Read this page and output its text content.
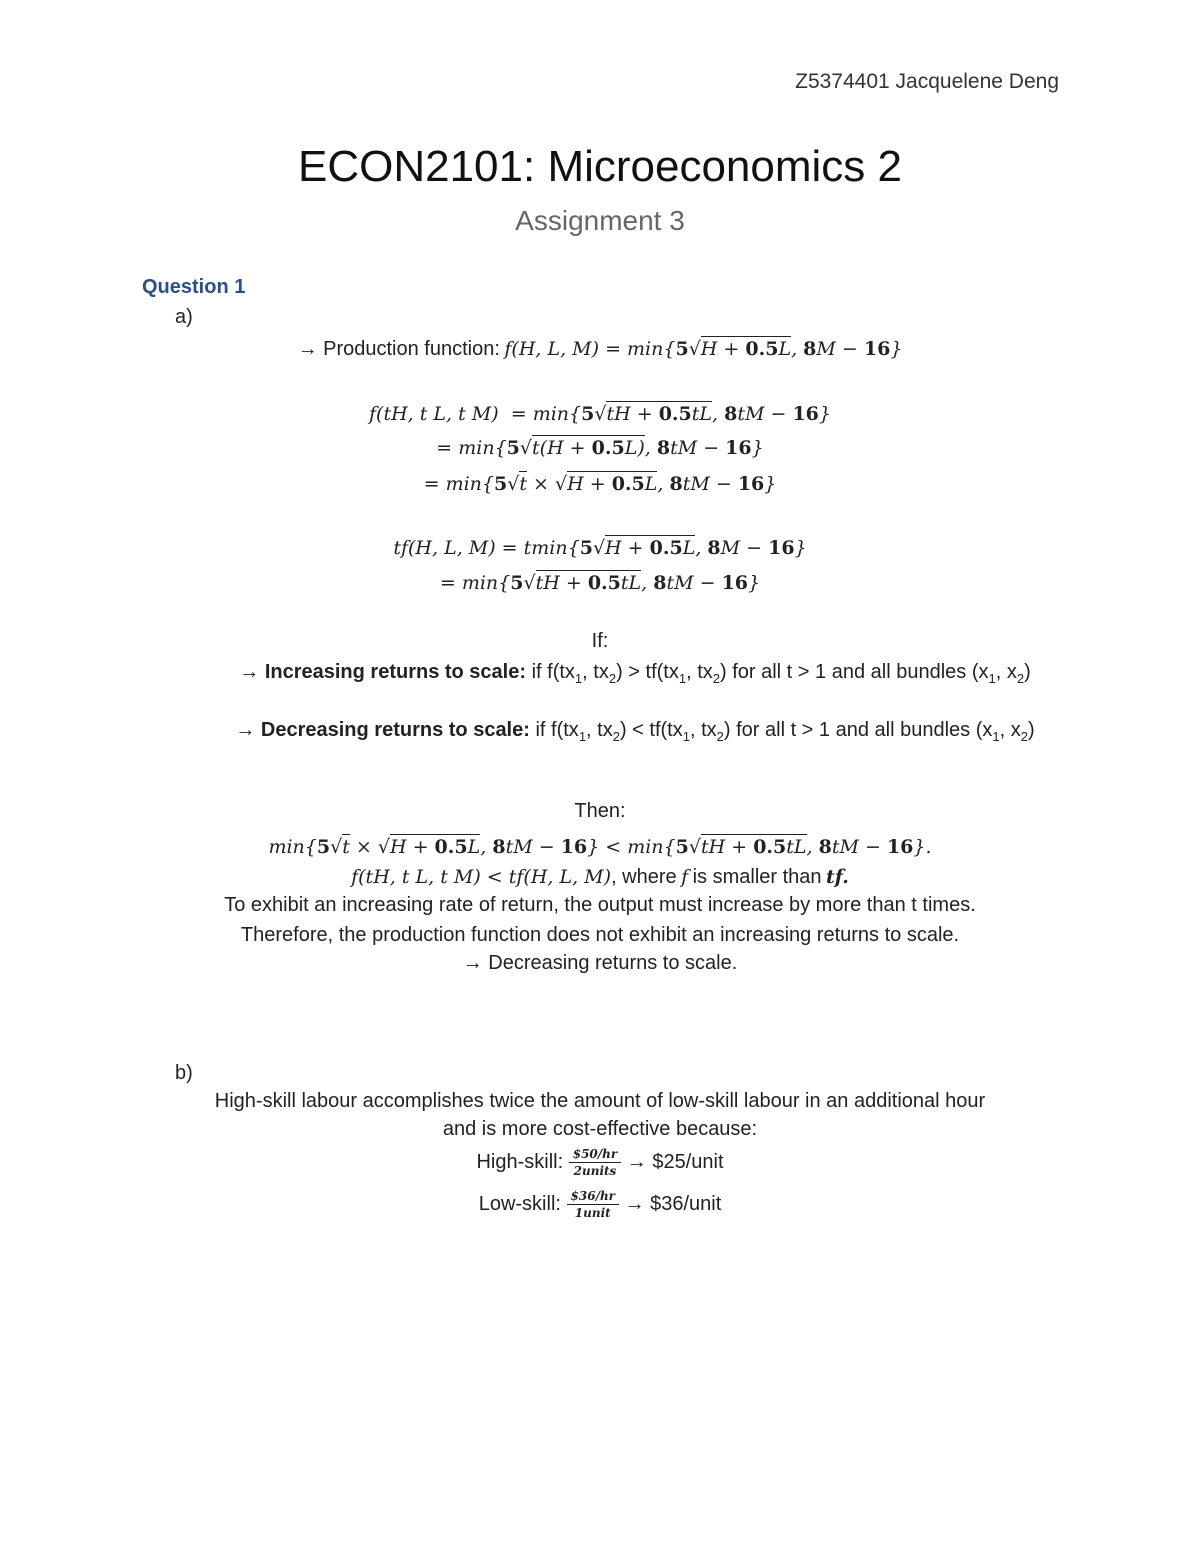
Z5374401 Jacquelene Deng
ECON2101: Microeconomics 2
Assignment 3
Question 1
a)
→ Production function: f(H, L, M) = min{5√H + 0.5L, 8M − 16}
f(tH, t L, t M)  = min{5√tH + 0.5tL, 8tM − 16}
= min{5√t(H + 0.5L), 8tM − 16}
= min{5√t × √H + 0.5L, 8tM − 16}
tf(H, L, M) = tmin{5√H + 0.5L, 8M − 16}
= min{5√tH + 0.5tL, 8tM − 16}
If:
→ Increasing returns to scale: if $f(tx_1$, $tx_2) > tf(tx_1$, $tx_2$) for all t > 1 and all bundles ($x_1$, $x_2$)
→ Decreasing returns to scale: if $f(tx_1$, $tx_2) < tf(tx_1$, $tx_2$) for all t > 1 and all bundles ($x_1$, $x_2$)
Then:
min{5√t × √H + 0.5L, 8tM − 16} < min{5√tH + 0.5tL, 8tM − 16}.
f(tH, t L, t M) < tf(H, L, M), where f is smaller than tf.
To exhibit an increasing rate of return, the output must increase by more than t times.
Therefore, the production function does not exhibit an increasing returns to scale.
→ Decreasing returns to scale.
b)
High-skill labour accomplishes twice the amount of low-skill labour in an additional hour
and is more cost-effective because:
High-skill: $\frac{\$50/hr}{\text{2units}}$ → $25/unit
Low-skill: $\frac{\$36/hr}{\text{1unit}}$ → $36/unit
